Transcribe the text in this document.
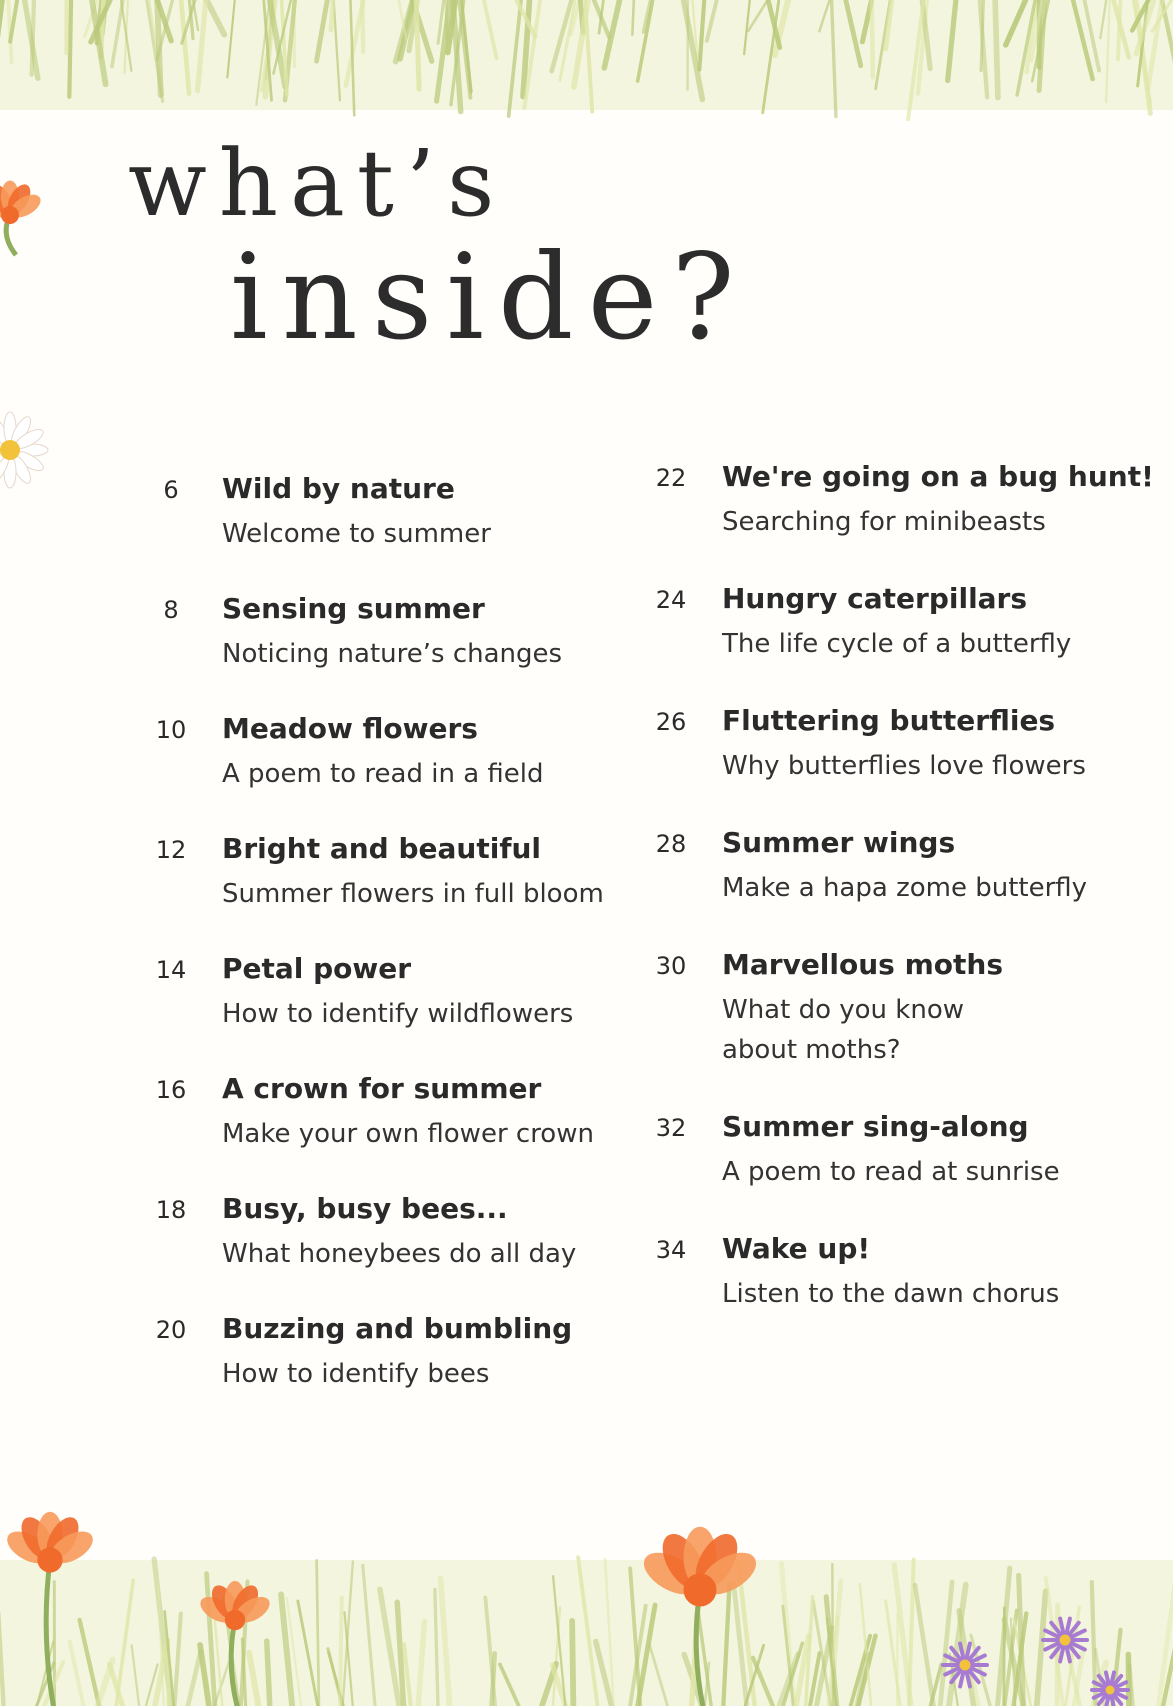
what’s
inside?
6	Wild by nature
Welcome to summer
8	Sensing summer
Noticing nature’s changes
10	Meadow flowers
A poem to read in a field
12	Bright and beautiful
Summer flowers in full bloom
14	Petal power
How to identify wildflowers
16	A crown for summer
Make your own flower crown
18	Busy, busy bees...
What honeybees do all day
20	Buzzing and bumbling
How to identify bees
22	We're going on a bug hunt!
Searching for minibeasts
24	Hungry caterpillars
The life cycle of a butterfly
26	Fluttering butterflies
Why butterflies love flowers
28	Summer wings
Make a hapa zome butterfly
30	Marvellous moths
What do you know about moths?
32	Summer sing-along
A poem to read at sunrise
34	Wake up!
Listen to the dawn chorus
